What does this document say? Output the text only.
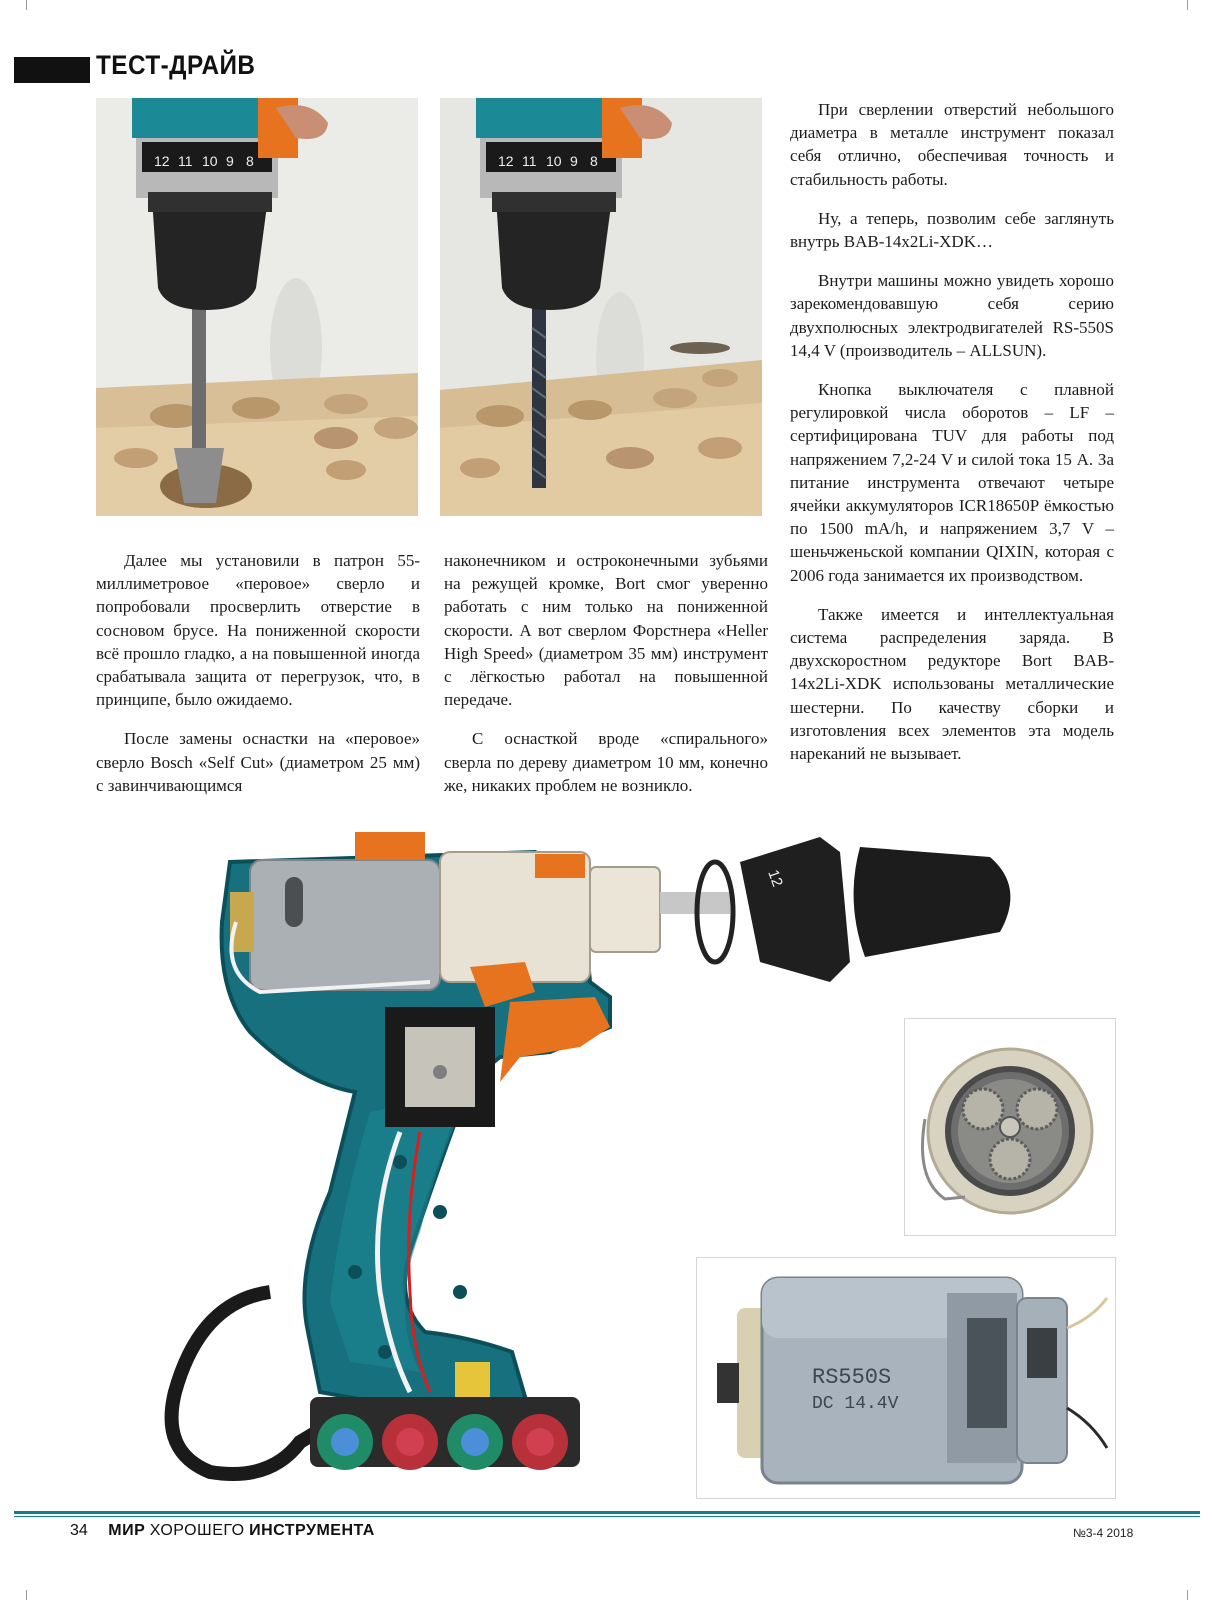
ТЕСТ-ДРАЙВ
12 11 10 9 8	12 11 10 9 8

Далее мы установили в патрон 55-миллиметровое «перовое» сверло и попробовали просверлить отверстие в сосновом брусе. На пониженной скорости всё прошло гладко, а на повышенной иногда срабатывала защита от перегрузок, что, в принципе, было ожидаемо.

После замены оснастки на «перовое» сверло Bosch «Self Cut» (диаметром 25 мм) с завинчивающимся

наконечником и остроконечными зубьями на режущей кромке, Bort смог уверенно работать с ним только на пониженной скорости. А вот сверлом Форстнера «Heller High Speed» (диаметром 35 мм) инструмент с лёгкостью работал на повышенной передаче.

С оснасткой вроде «спирального» сверла по дереву диаметром 10 мм, конечно же, никаких проблем не возникло.

При сверлении отверстий небольшого диаметра в металле инструмент показал себя отлично, обеспечивая точность и стабильность работы.

Ну, а теперь, позволим себе заглянуть внутрь BAB-14x2Li-XDK…

Внутри машины можно увидеть хорошо зарекомендовавшую себя серию двухполюсных электродвигателей RS-550S 14,4 V (производитель – ALLSUN).

Кнопка выключателя с плавной регулировкой числа оборотов – LF – сертифицирована TUV для работы под напряжением 7,2-24 V и силой тока 15 А. За питание инструмента отвечают четыре ячейки аккумуляторов ICR18650P ёмкостью по 1500 mA/h, и напряжением 3,7 V – шеньчженьской компании QIXIN, которая с 2006 года занимается их производством.

Также имеется и интеллектуальная система распределения заряда. В двухскоростном редукторе Bort BAB-14x2Li-XDK использованы металлические шестерни. По качеству сборки и изготовления всех элементов эта модель нареканий не вызывает.

12
RS550S
DC 14.4V
34 МИР ХОРОШЕГО ИНСТРУМЕНТА	№3-4 2018
